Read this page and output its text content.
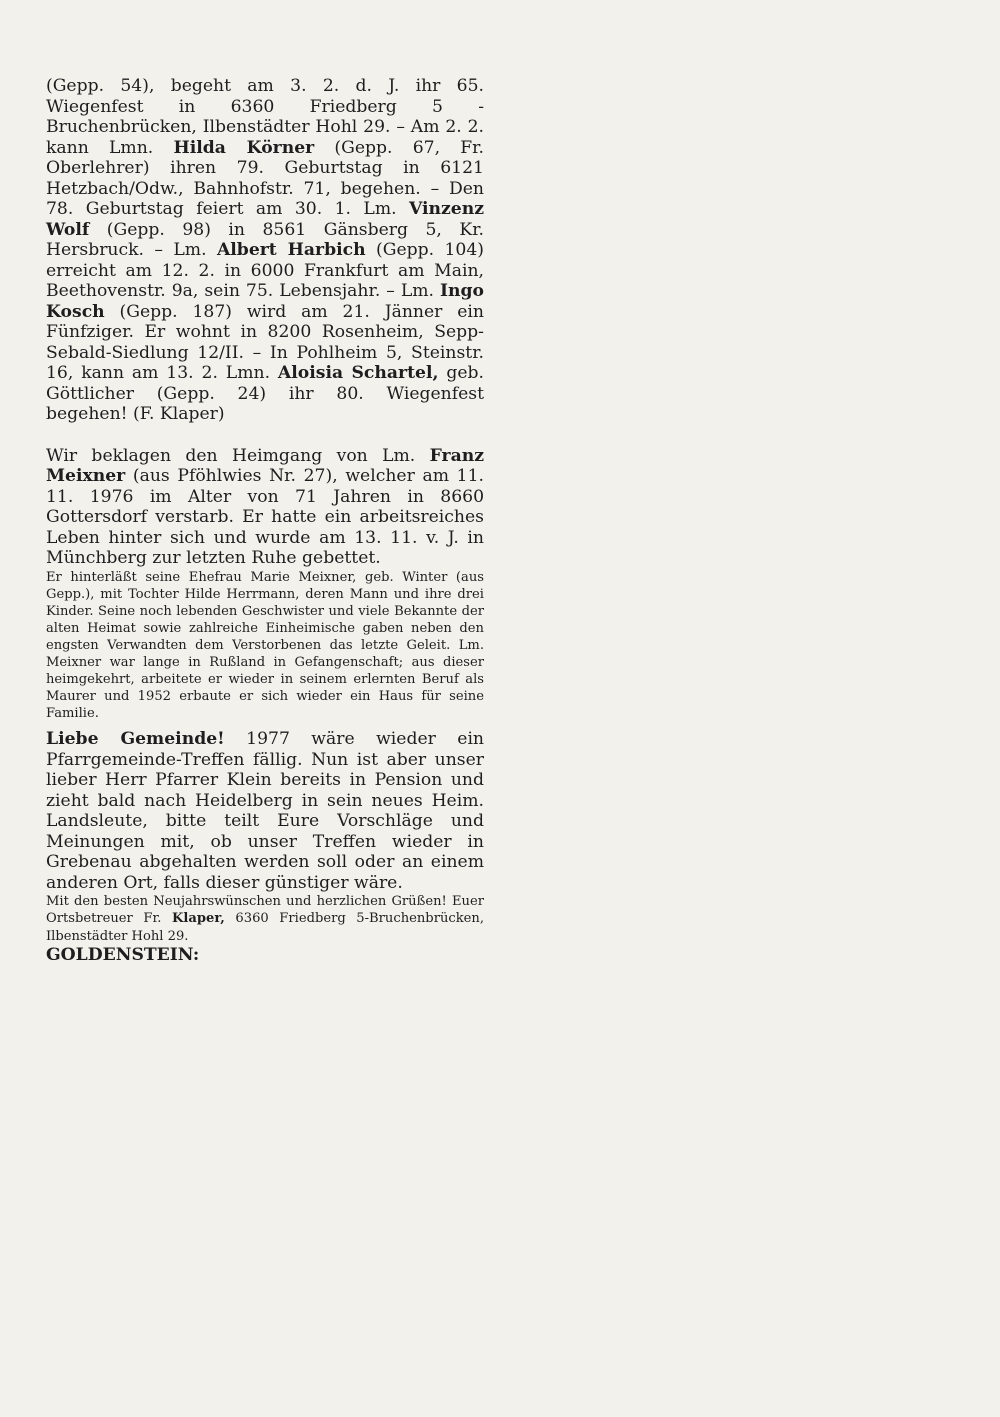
(Gepp. 54), begeht am 3. 2. d. J. ihr 65. Wiegenfest in 6360 Friedberg 5 - Bruchenbrücken, Ilbenstädter Hohl 29. – Am 2. 2. kann Lmn. Hilda Körner (Gepp. 67, Fr. Oberlehrer) ihren 79. Geburtstag in 6121 Hetzbach/Odw., Bahnhofstr. 71, begehen. – Den 78. Geburtstag feiert am 30. 1. Lm. Vinzenz Wolf (Gepp. 98) in 8561 Gänsberg 5, Kr. Hersbruck. – Lm. Albert Harbich (Gepp. 104) erreicht am 12. 2. in 6000 Frankfurt am Main, Beethovenstr. 9a, sein 75. Lebensjahr. – Lm. Ingo Kosch (Gepp. 187) wird am 21. Jänner ein Fünfziger. Er wohnt in 8200 Rosenheim, Sepp-Sebald-Siedlung 12/II. – In Pohlheim 5, Steinstr. 16, kann am 13. 2. Lmn. Aloisia Schartel, geb. Göttlicher (Gepp. 24) ihr 80. Wiegenfest begehen! (F. Klaper)

Wir beklagen den Heimgang von Lm. Franz Meixner (aus Pföhlwies Nr. 27), welcher am 11. 11. 1976 im Alter von 71 Jahren in 8660 Gottersdorf verstarb. Er hatte ein arbeitsreiches Leben hinter sich und wurde am 13. 11. v. J. in Münchberg zur letzten Ruhe gebettet.

Er hinterläßt seine Ehefrau Marie Meixner, geb. Winter (aus Gepp.), mit Tochter Hilde Herrmann, deren Mann und ihre drei Kinder. Seine noch lebenden Geschwister und viele Bekannte der alten Heimat sowie zahlreiche Einheimische gaben neben den engsten Verwandten dem Verstorbenen das letzte Geleit. Lm. Meixner war lange in Rußland in Gefangenschaft; aus dieser heimgekehrt, arbeitete er wieder in seinem erlernten Beruf als Maurer und 1952 erbaute er sich wieder ein Haus für seine Familie.

Liebe Gemeinde! 1977 wäre wieder ein Pfarrgemeinde-Treffen fällig. Nun ist aber unser lieber Herr Pfarrer Klein bereits in Pension und zieht bald nach Heidelberg in sein neues Heim. Landsleute, bitte teilt Eure Vorschläge und Meinungen mit, ob unser Treffen wieder in Grebenau abgehalten werden soll oder an einem anderen Ort, falls dieser günstiger wäre.

Mit den besten Neujahrswünschen und herzlichen Grüßen! Euer Ortsbetreuer Fr. Klaper, 6360 Friedberg 5-Bruchenbrücken, Ilbenstädter Hohl 29.

GOLDENSTEIN:
